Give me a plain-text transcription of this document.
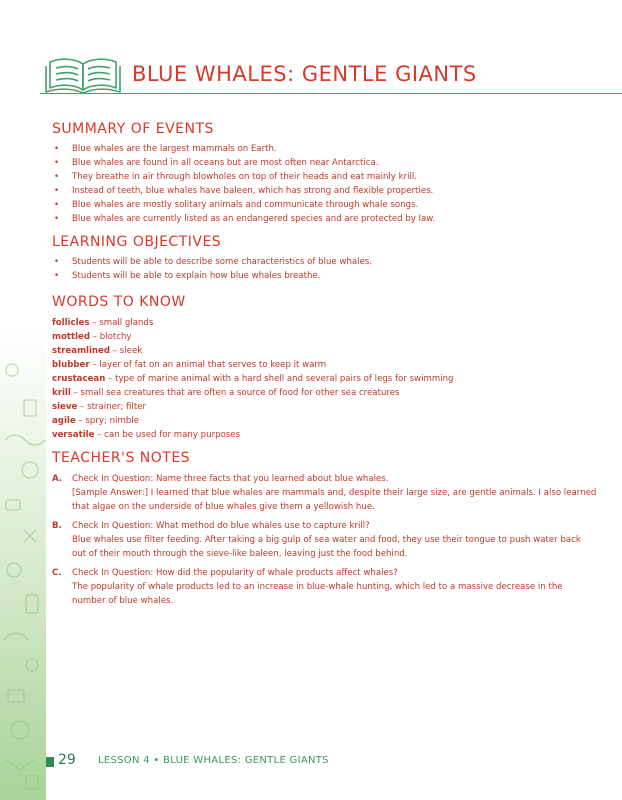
BLUE WHALES: GENTLE GIANTS
SUMMARY OF EVENTS
• Blue whales are the largest mammals on Earth.
• Blue whales are found in all oceans but are most often near Antarctica.
• They breathe in air through blowholes on top of their heads and eat mainly krill.
• Instead of teeth, blue whales have baleen, which has strong and flexible properties.
• Blue whales are mostly solitary animals and communicate through whale songs.
• Blue whales are currently listed as an endangered species and are protected by law.
LEARNING OBJECTIVES
• Students will be able to describe some characteristics of blue whales.
• Students will be able to explain how blue whales breathe.
WORDS TO KNOW
follicles – small glands
mottled – blotchy
streamlined – sleek
blubber – layer of fat on an animal that serves to keep it warm
crustacean – type of marine animal with a hard shell and several pairs of legs for swimming
krill – small sea creatures that are often a source of food for other sea creatures
sieve – strainer; filter
agile – spry; nimble
versatile – can be used for many purposes
TEACHER'S NOTES
A. Check In Question: Name three facts that you learned about blue whales.
[Sample Answer:] I learned that blue whales are mammals and, despite their large size, are gentle animals. I also learned that algae on the underside of blue whales give them a yellowish hue.
B. Check In Question: What method do blue whales use to capture krill?
Blue whales use filter feeding. After taking a big gulp of sea water and food, they use their tongue to push water back out of their mouth through the sieve-like baleen, leaving just the food behind.
C. Check In Question: How did the popularity of whale products affect whales?
The popularity of whale products led to an increase in blue-whale hunting, which led to a massive decrease in the number of blue whales.
29 LESSON 4 • BLUE WHALES: GENTLE GIANTS
